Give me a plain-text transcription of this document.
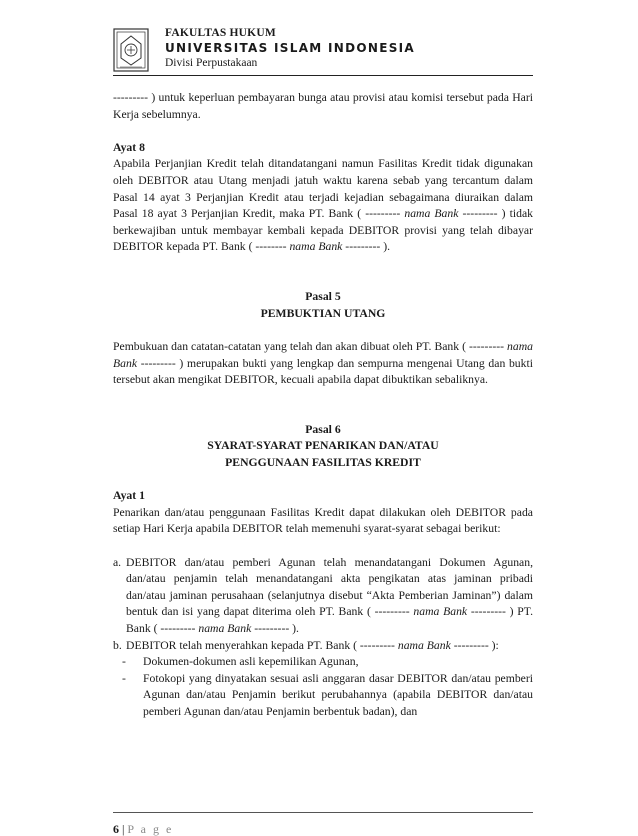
FAKULTAS HUKUM
UNIVERSITAS ISLAM INDONESIA
Divisi Perpustakaan

--------- ) untuk keperluan pembayaran bunga atau provisi atau komisi tersebut pada Hari Kerja sebelumnya.

Ayat 8

Apabila Perjanjian Kredit telah ditandatangani namun Fasilitas Kredit tidak digunakan oleh DEBITOR atau Utang menjadi jatuh waktu karena sebab yang tercantum dalam Pasal 14 ayat 3 Perjanjian Kredit atau terjadi kejadian sebagaimana diuraikan dalam Pasal 18 ayat 3 Perjanjian Kredit, maka PT. Bank ( --------- nama Bank --------- ) tidak berkewajiban untuk membayar kembali kepada DEBITOR provisi yang telah dibayar DEBITOR kepada PT. Bank ( -------- nama Bank --------- ).

Pasal 5

PEMBUKTIAN UTANG

Pembukuan dan catatan-catatan yang telah dan akan dibuat oleh PT. Bank ( --------- nama Bank --------- ) merupakan bukti yang lengkap dan sempurna mengenai Utang dan bukti tersebut akan mengikat DEBITOR, kecuali apabila dapat dibuktikan sebaliknya.

Pasal 6

SYARAT-SYARAT PENARIKAN DAN/ATAU

PENGGUNAAN FASILITAS KREDIT

Ayat 1

Penarikan dan/atau penggunaan Fasilitas Kredit dapat dilakukan oleh DEBITOR pada setiap Hari Kerja apabila DEBITOR telah memenuhi syarat-syarat sebagai berikut:

a. DEBITOR dan/atau pemberi Agunan telah menandatangani Dokumen Agunan, dan/atau penjamin telah menandatangani akta pengikatan atas jaminan pribadi dan/atau jaminan perusahaan (selanjutnya disebut “Akta Pemberian Jaminan”) dalam bentuk dan isi yang dapat diterima oleh PT. Bank ( --------- nama Bank --------- ) PT. Bank ( --------- nama Bank --------- ).
b. DEBITOR telah menyerahkan kepada PT. Bank ( --------- nama Bank --------- ):
- Dokumen-dokumen asli kepemilikan Agunan,
- Fotokopi yang dinyatakan sesuai asli anggaran dasar DEBITOR dan/atau pemberi Agunan dan/atau Penjamin berikut perubahannya (apabila DEBITOR dan/atau pemberi Agunan dan/atau Penjamin berbentuk badan), dan
6 | P a g e
